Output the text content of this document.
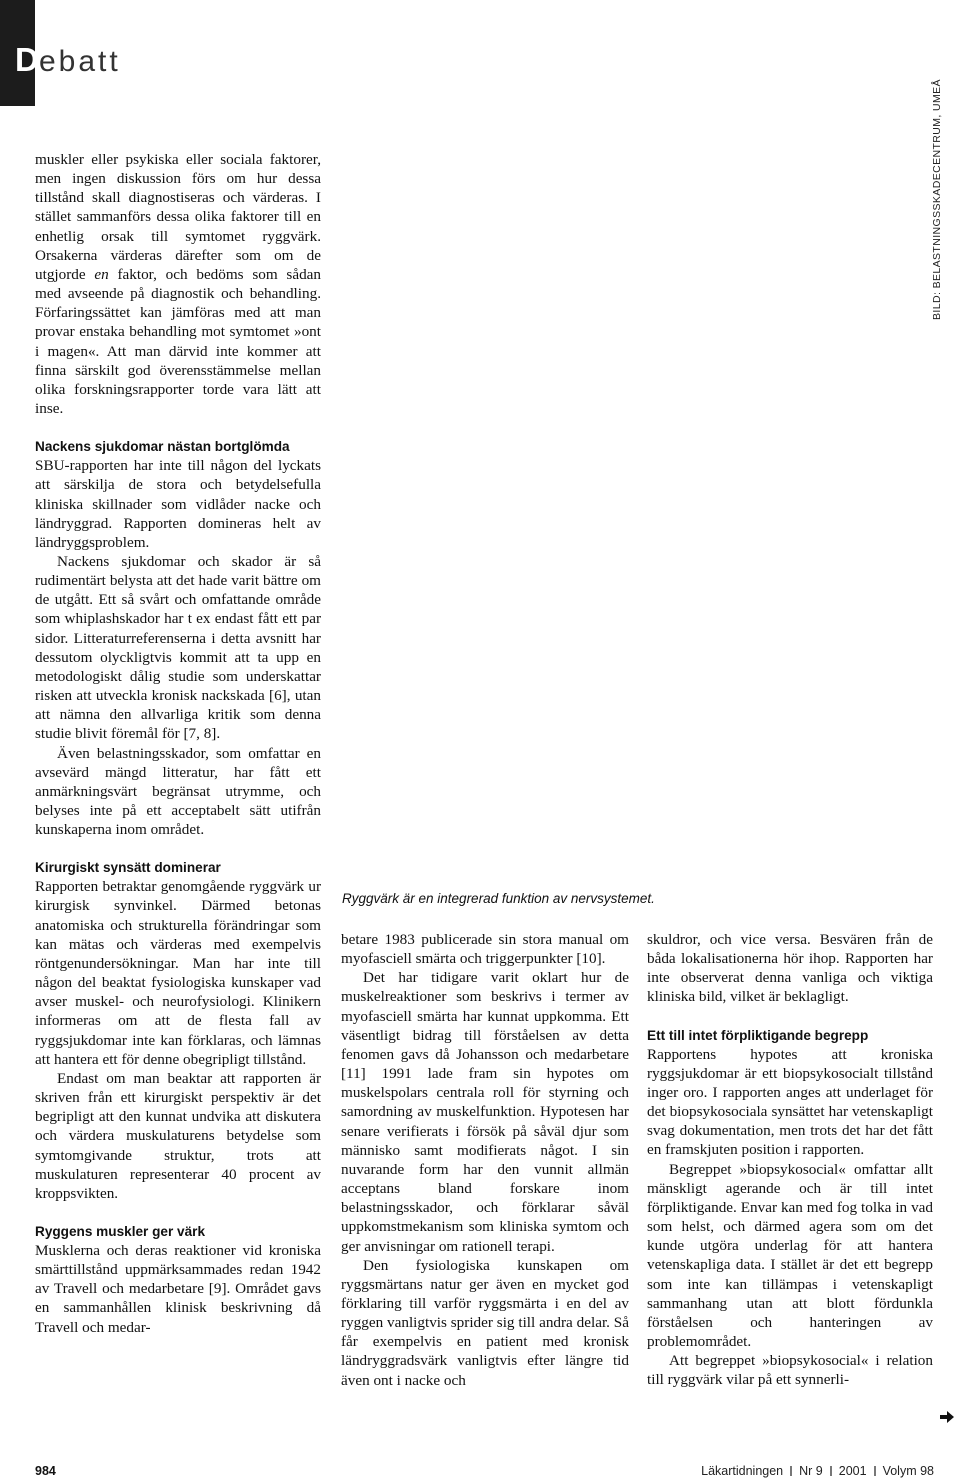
D ebatt
BILD: BELASTNINGSSKADECENTRUM, UMEÅ

muskler eller psykiska eller sociala faktorer, men ingen diskussion förs om hur dessa tillstånd skall diagnostiseras och värderas. I stället sammanförs dessa olika faktorer till en enhetlig orsak till symtomet ryggvärk. Orsakerna värderas därefter som om de utgjorde en faktor, och bedöms som sådan med avseende på diagnostik och behandling. Förfaringssättet kan jämföras med att man provar enstaka behandling mot symtomet »ont i magen«. Att man därvid inte kommer att finna särskilt god överensstämmelse mellan olika forskningsrapporter torde vara lätt att inse.

Nackens sjukdomar nästan bortglömda

SBU-rapporten har inte till någon del lyckats att särskilja de stora och betydelsefulla kliniska skillnader som vidlåder nacke och ländryggrad. Rapporten domineras helt av ländryggsproblem.

Nackens sjukdomar och skador är så rudimentärt belysta att det hade varit bättre om de utgått. Ett så svårt och omfattande område som whiplashskador har t ex endast fått ett par sidor. Litteraturreferenserna i detta avsnitt har dessutom olyckligtvis kommit att ta upp en metodologiskt dålig studie som underskattar risken att utveckla kronisk nackskada [6], utan att nämna den allvarliga kritik som denna studie blivit föremål för [7, 8].

Även belastningsskador, som omfattar en avsevärd mängd litteratur, har fått ett anmärkningsvärt begränsat utrymme, och belyses inte på ett acceptabelt sätt utifrån kunskaperna inom området.

Kirurgiskt synsätt dominerar

Rapporten betraktar genomgående ryggvärk ur kirurgisk synvinkel. Därmed betonas anatomiska och strukturella förändringar som kan mätas och värderas med exempelvis röntgenundersökningar. Man har inte till någon del beaktat fysiologiska kunskaper vad avser muskel- och neurofysiologi. Klinikern informeras om att de flesta fall av ryggsjukdomar inte kan förklaras, och lämnas att hantera ett för denne obegripligt tillstånd.

Endast om man beaktar att rapporten är skriven från ett kirurgiskt perspektiv är det begripligt att den kunnat undvika att diskutera och värdera muskulaturens betydelse som symtomgivande struktur, trots att muskulaturen representerar 40 procent av kroppsvikten.

Ryggens muskler ger värk

Musklerna och deras reaktioner vid kroniska smärttillstånd uppmärksammades redan 1942 av Travell och medarbetare [9]. Området gavs en sammanhållen klinisk beskrivning då Travell och medar-

Ryggvärk är en integrerad funktion av nervsystemet.

betare 1983 publicerade sin stora manual om myofasciell smärta och triggerpunkter [10].

Det har tidigare varit oklart hur de muskelreaktioner som beskrivs i termer av myofasciell smärta har kunnat uppkomma. Ett väsentligt bidrag till förståelsen av detta fenomen gavs då Johansson och medarbetare [11] 1991 lade fram sin hypotes om muskelspolars centrala roll för styrning och samordning av muskelfunktion. Hypotesen har senare verifierats i försök på såväl djur som människo samt modifierats något. I sin nuvarande form har den vunnit allmän acceptans bland forskare inom belastningsskador, och förklarar såväl uppkomstmekanism som kliniska symtom och ger anvisningar om rationell terapi.

Den fysiologiska kunskapen om ryggsmärtans natur ger även en mycket god förklaring till varför ryggsmärta i en del av ryggen vanligtvis sprider sig till andra delar. Så får exempelvis en patient med kronisk ländryggradsvärk vanligtvis efter längre tid även ont i nacke och

skuldror, och vice versa. Besvären från de båda lokalisationerna hör ihop. Rapporten har inte observerat denna vanliga och viktiga kliniska bild, vilket är beklagligt.

Ett till intet förpliktigande begrepp

Rapportens hypotes att kroniska ryggsjukdomar är ett biopsykosocialt tillstånd inger oro. I rapporten anges att underlaget för det biopsykosociala synsättet har vetenskapligt svag dokumentation, men trots det har det fått en framskjuten position i rapporten.

Begreppet »biopsykosocial« omfattar allt mänskligt agerande och är till intet förpliktigande. Envar kan med fog tolka in vad som helst, och därmed agera som om det kunde utgöra underlag för att hantera vetenskapliga data. I stället är det ett begrepp som inte kan tillämpas i vetenskapligt sammanhang utan att blott fördunkla förståelsen och hanteringen av problemområdet.

Att begreppet »biopsykosocial« i relation till ryggvärk vilar på ett synnerli-

984	Läkartidningen Nr 9 2001 Volym 98
